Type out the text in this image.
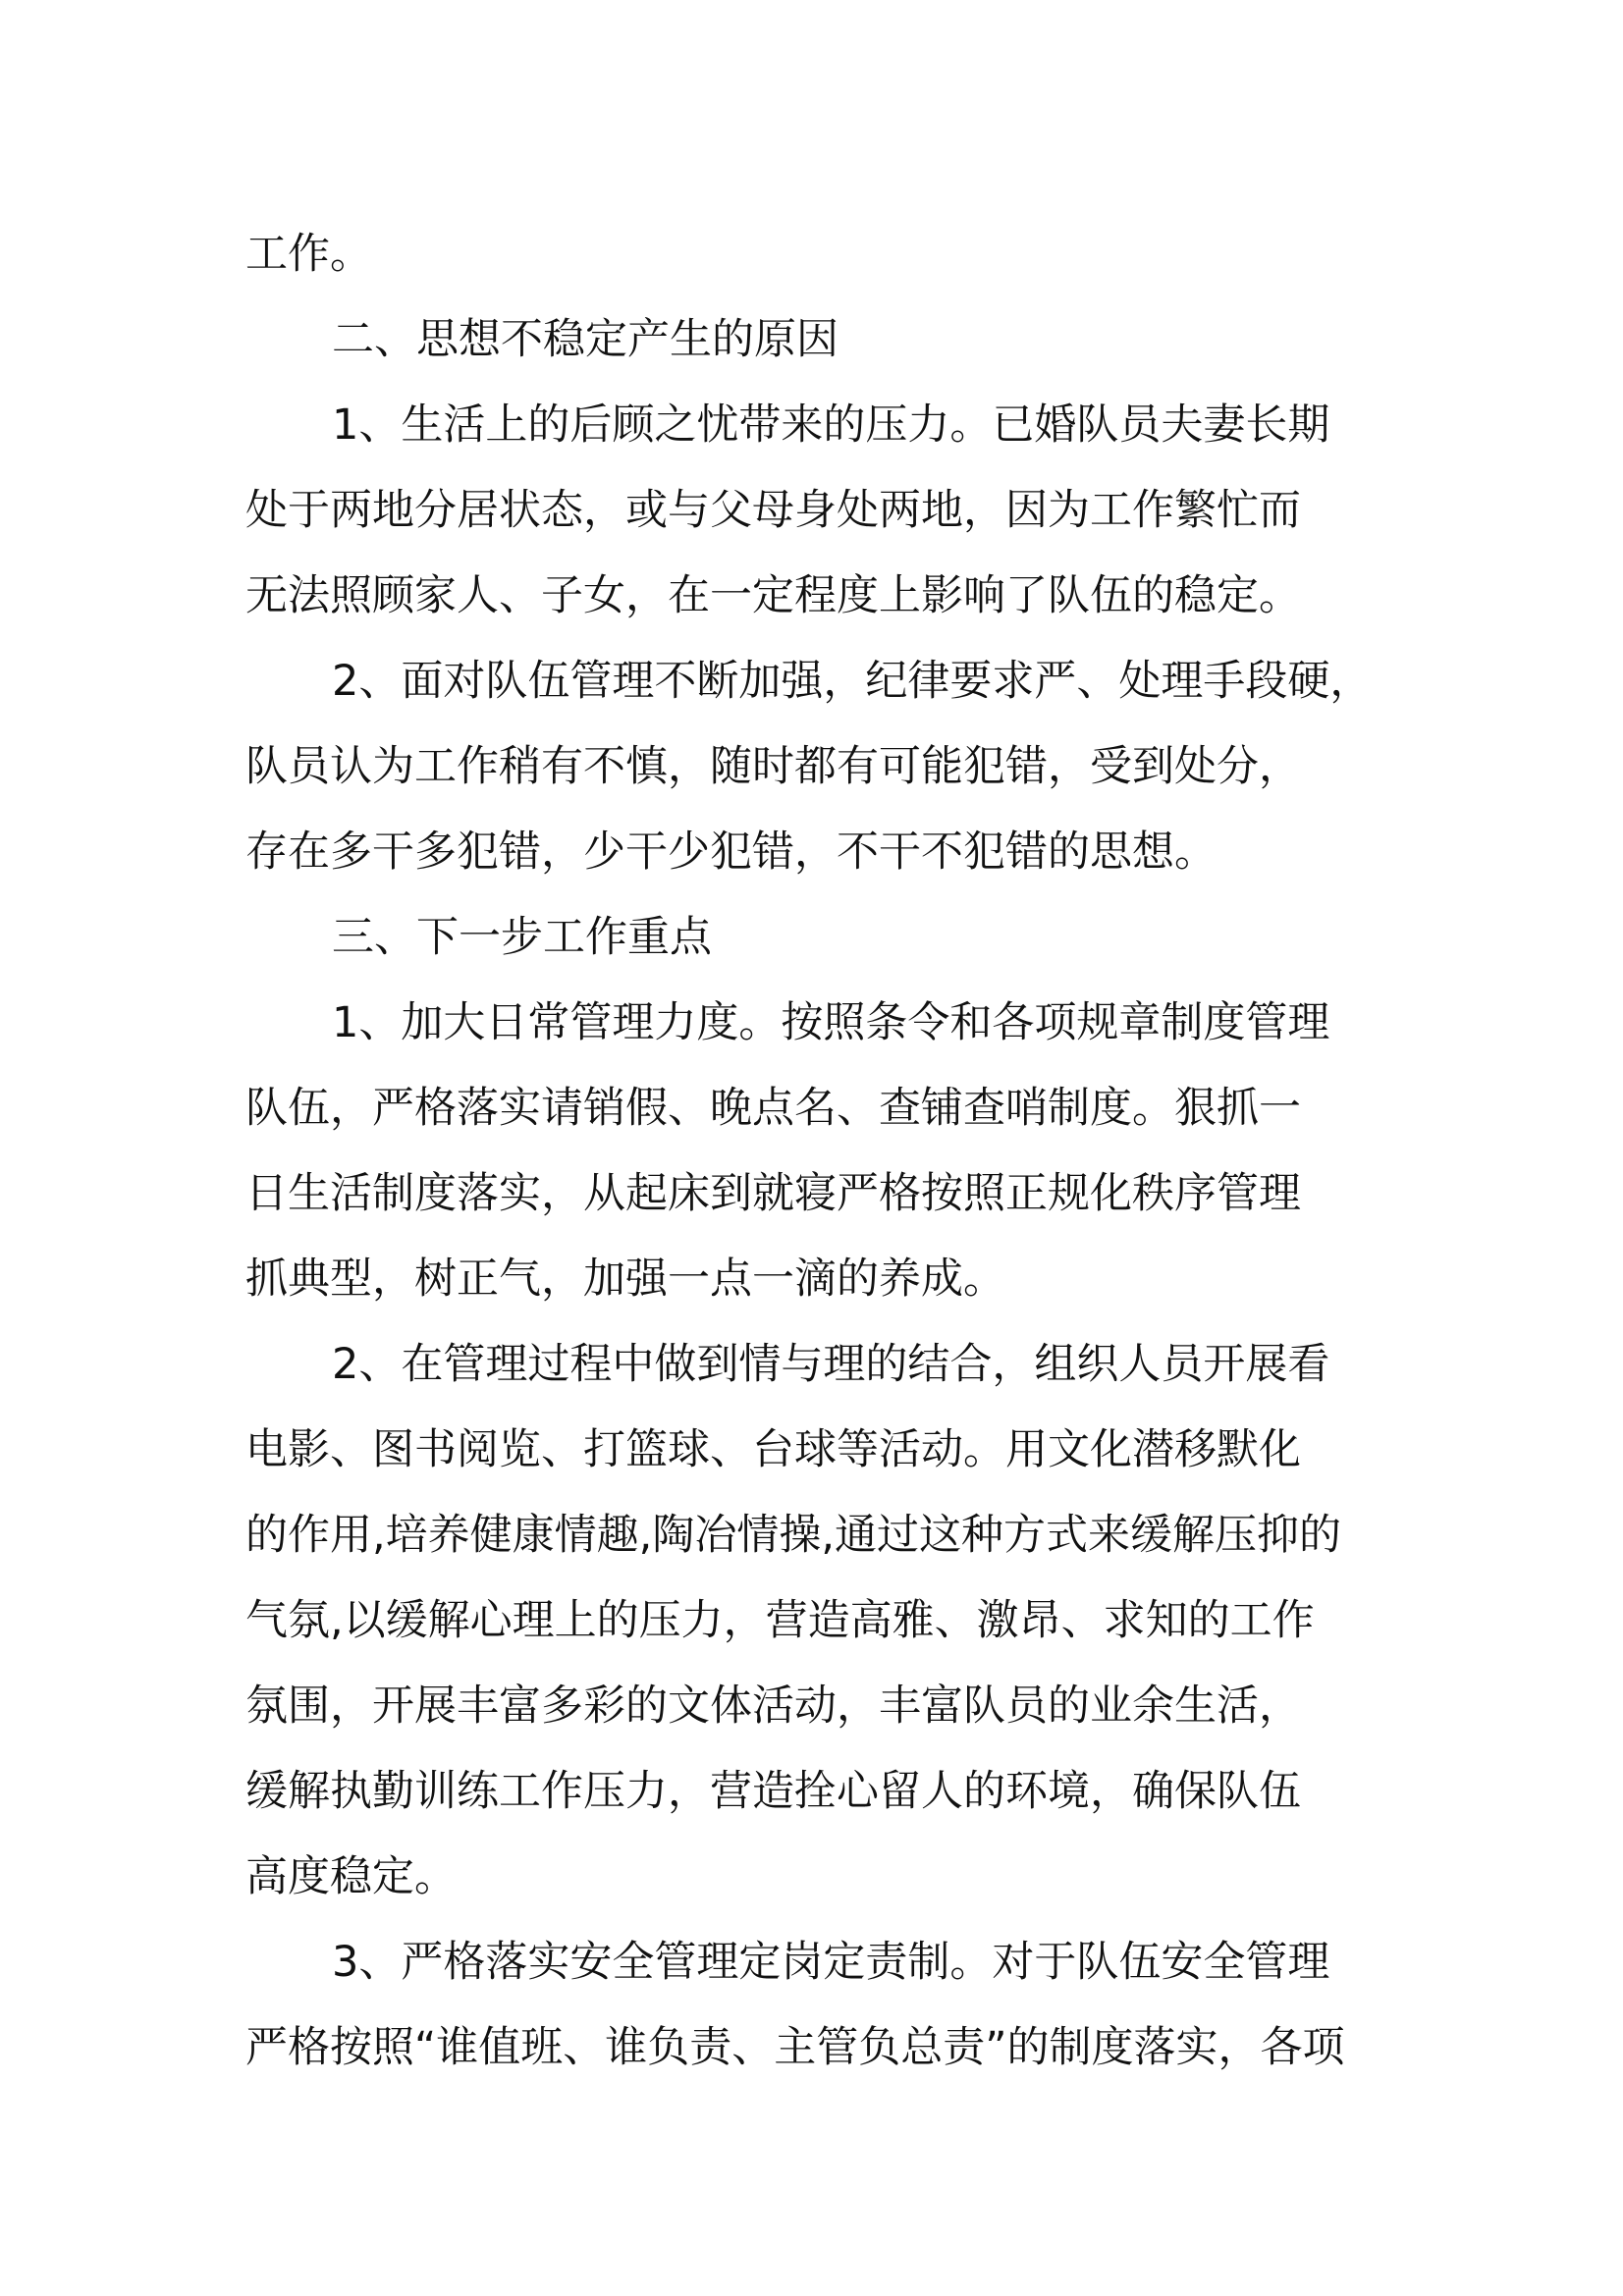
工作。

二、思想不稳定产生的原因

1、生活上的后顾之忧带来的压力。已婚队员夫妻长期

处于两地分居状态，或与父母身处两地，因为工作繁忙而

无法照顾家人、子女，在一定程度上影响了队伍的稳定。

2、面对队伍管理不断加强，纪律要求严、处理手段硬，

队员认为工作稍有不慎，随时都有可能犯错，受到处分，

存在多干多犯错，少干少犯错，不干不犯错的思想。

三、下一步工作重点

1、加大日常管理力度。按照条令和各项规章制度管理

队伍，严格落实请销假、晚点名、查铺查哨制度。狠抓一

日生活制度落实，从起床到就寝严格按照正规化秩序管理

抓典型，树正气，加强一点一滴的养成。

2、在管理过程中做到情与理的结合，组织人员开展看

电影、图书阅览、打篮球、台球等活动。用文化潜移默化

的作用,培养健康情趣,陶冶情操,通过这种方式来缓解压抑的

气氛,以缓解心理上的压力，营造高雅、激昂、求知的工作

氛围，开展丰富多彩的文体活动，丰富队员的业余生活，

缓解执勤训练工作压力，营造拴心留人的环境，确保队伍

高度稳定。

3、严格落实安全管理定岗定责制。对于队伍安全管理

严格按照“谁值班、谁负责、主管负总责”的制度落实，各项
